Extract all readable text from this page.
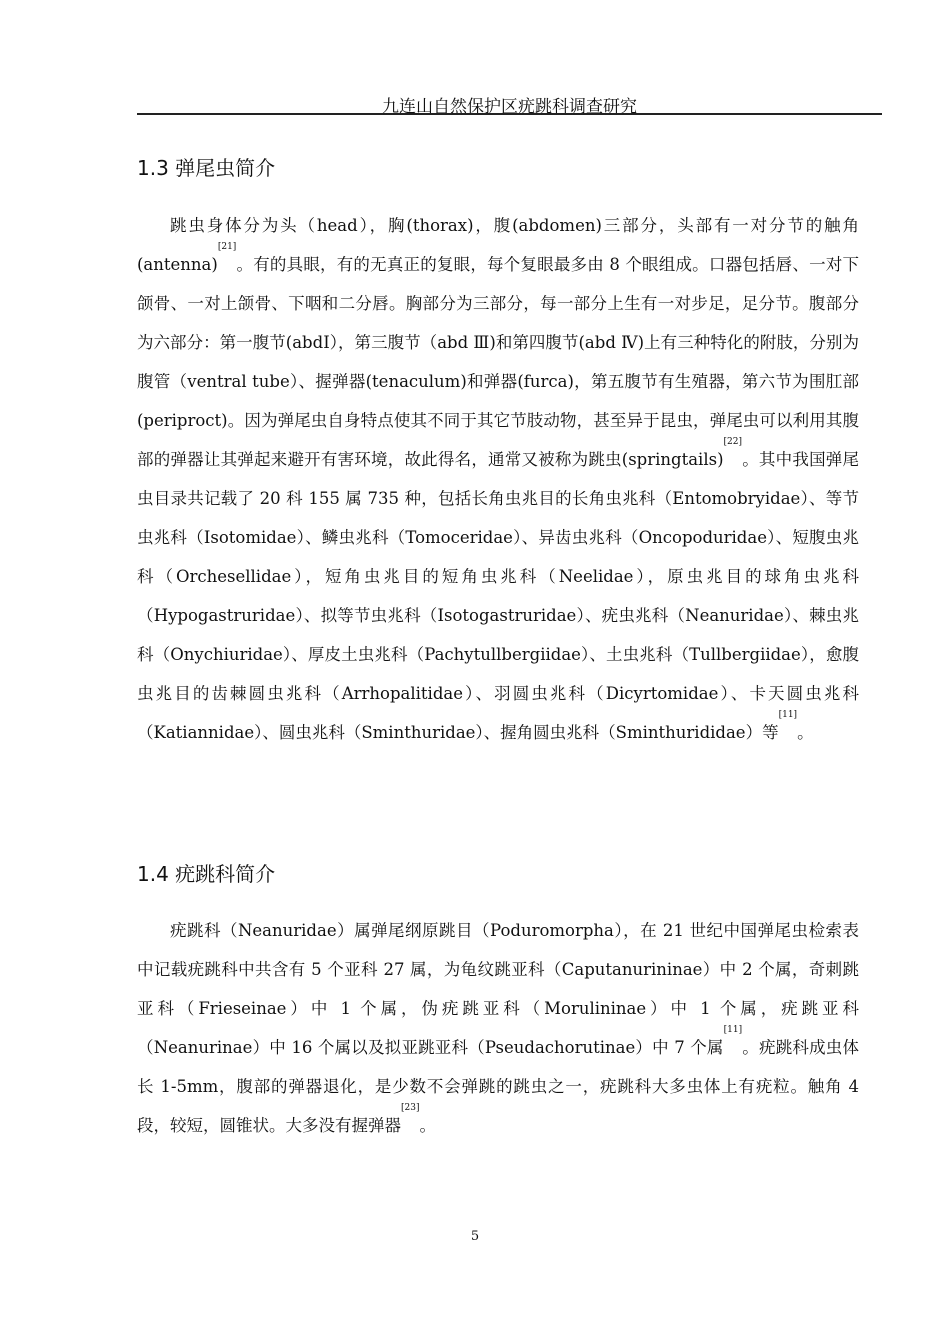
九连山自然保护区疣跳科调查研究
1.3 弹尾虫简介

跳虫身体分为头（head），胸(thorax)，腹(abdomen)三部分，头部有一对分节的触角(antenna)[21]。有的具眼，有的无真正的复眼，每个复眼最多由 8 个眼组成。口器包括唇、一对下颌骨、一对上颌骨、下咽和二分唇。胸部分为三部分，每一部分上生有一对步足，足分节。腹部分为六部分：第一腹节(abdⅠ），第三腹节（abd Ⅲ)和第四腹节(abd Ⅳ)上有三种特化的附肢，分别为腹管（ventral tube）、握弹器(tenaculum)和弹器(furca)，第五腹节有生殖器，第六节为围肛部(periproct)。因为弹尾虫自身特点使其不同于其它节肢动物，甚至异于昆虫，弹尾虫可以利用其腹部的弹器让其弹起来避开有害环境，故此得名，通常又被称为跳虫(springtails)[22]。其中我国弹尾虫目录共记载了 20 科 155 属 735 种，包括长角虫兆目的长角虫兆科（Entomobryidae）、等节虫兆科（Isotomidae）、鳞虫兆科（Tomoceridae）、异齿虫兆科（Oncopoduridae）、短腹虫兆科（Orchesellidae），短角虫兆目的短角虫兆科（Neelidae），原虫兆目的球角虫兆科（Hypogastruridae）、拟等节虫兆科（Isotogastruridae）、疣虫兆科（Neanuridae）、棘虫兆科（Onychiuridae）、厚皮土虫兆科（Pachytullbergiidae）、土虫兆科（Tullbergiidae），愈腹虫兆目的齿棘圆虫兆科（Arrhopalitidae）、羽圆虫兆科（Dicyrtomidae）、卡天圆虫兆科（Katiannidae）、圆虫兆科（Sminthuridae）、握角圆虫兆科（Sminthurididae）等[11]。

1.4 疣跳科简介

疣跳科（Neanuridae）属弹尾纲原跳目（Poduromorpha），在 21 世纪中国弹尾虫检索表中记载疣跳科中共含有 5 个亚科 27 属，为龟纹跳亚科（Caputanurininae）中 2 个属，奇刺跳亚科（Frieseinae）中 1 个属，伪疣跳亚科（Morulininae）中 1 个属，疣跳亚科（Neanurinae）中 16 个属以及拟亚跳亚科（Pseudachorutinae）中 7 个属[11]。疣跳科成虫体长 1-5mm，腹部的弹器退化，是少数不会弹跳的跳虫之一，疣跳科大多虫体上有疣粒。触角 4 段，较短，圆锥状。大多没有握弹器[23]。

5
